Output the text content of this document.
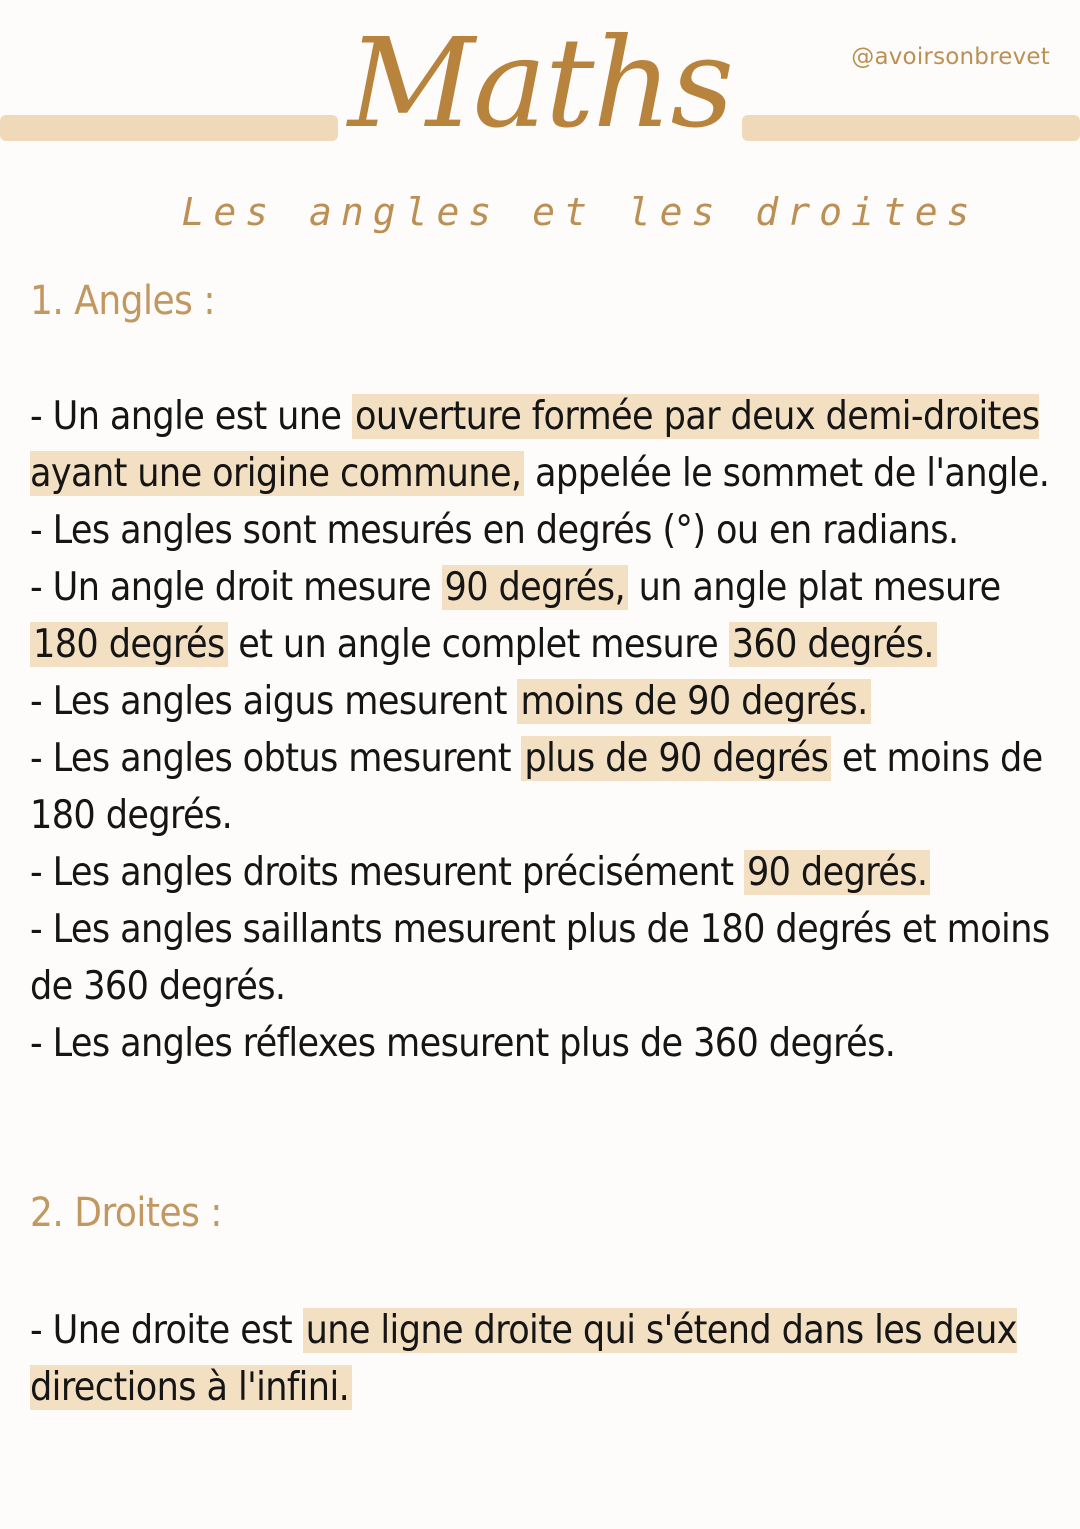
@avoirsonbrevet
Maths
Les angles et les droites
1. Angles :

- Un angle est une ouverture formée par deux demi-droites ayant une origine commune, appelée le sommet de l'angle.

- Les angles sont mesurés en degrés (°) ou en radians.

- Un angle droit mesure 90 degrés, un angle plat mesure 180 degrés et un angle complet mesure 360 degrés.

- Les angles aigus mesurent moins de 90 degrés.

- Les angles obtus mesurent plus de 90 degrés et moins de 180 degrés.

- Les angles droits mesurent précisément 90 degrés.

- Les angles saillants mesurent plus de 180 degrés et moins de 360 degrés.

- Les angles réflexes mesurent plus de 360 degrés.

2. Droites :

- Une droite est une ligne droite qui s'étend dans les deux directions à l'infini.
